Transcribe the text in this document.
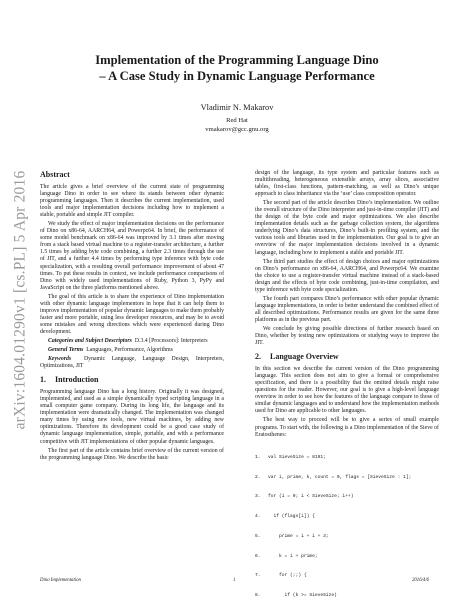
arXiv:1604.01290v1 [cs.PL] 5 Apr 2016
Implementation of the Programming Language Dino
– A Case Study in Dynamic Language Performance
Vladimir N. Makarov
Red Hat
vmakarov@gcc.gnu.org
Abstract

The article gives a brief overview of the current state of programming language Dino in order to see where its stands between other dynamic programming languages. Then it describes the current implementation, used tools and major implementation decisions including how to implement a stable, portable and simple JIT compiler.

We study the effect of major implementation decisions on the performance of Dino on x86-64, AARCH64, and Powerpc64. In brief, the performance of some model benchmark on x86-64 was improved by 3.1 times after moving from a stack based virtual machine to a register-transfer architecture, a further 1.5 times by adding byte code combining, a further 2.3 times through the use of JIT, and a further 4.4 times by performing type inference with byte code specialization, with a resulting overall performance improvement of about 47 times. To put these results in context, we include performance comparisons of Dino with widely used implementations of Ruby, Python 3, PyPy and JavaScript on the three platforms mentioned above.

The goal of this article is to share the experience of Dino implementation with other dynamic language implementors in hope that it can help them to improve implementation of popular dynamic languages to make them probably faster and more portable, using less developer resources, and may be to avoid some mistakes and wrong directions which were experienced during Dino development.

Categories and Subject Descriptors D.3.4 [Processors]: Interpreters

General Terms Languages, Performance, Algorithms

Keywords Dynamic Language, Language Design, Interpreters, Optimizations, JIT

1. Introduction

Programming language Dino has a long history. Originally it was designed, implemented, and used as a simple dynamically typed scripting language in a small computer game company. During its long life, the language and its implementation were dramatically changed. The implementation was changed many times by using new tools, new virtual machines, by adding new optimizations. Therefore its development could be a good case study of dynamic language implementation, simple, portable, and with a performance competitive with JIT implementations of other popular dynamic languages.

The first part of the article contains brief overview of the current version of the programming language Dino. We describe the basic

design of the language, its type system and particular features such as multithreading, heterogeneous extensible arrays, array slices, associative tables, first-class functions, pattern-matching, as well as Dino’s unique approach to class inheritance via the ‘use’ class composition operator.

The second part of the article describes Dino’s implementation. We outline the overall structure of the Dino interpreter and just-in-time compiler (JIT) and the design of the byte code and major optimizations. We also describe implementation details such as the garbage collection system, the algorithms underlying Dino’s data structures, Dino’s built-in profiling system, and the various tools and libraries used in the implementation. Our goal is to give an overview of the major implementation decisions involved in a dynamic language, including how to implement a stable and portable JIT.

The third part studies the effect of design choices and major optimizations on Dino’s performance on x86-64, AARCH64, and Powerpc64. We examine the choice to use a register-transfer virtual machine instead of a stack-based design and the effects of byte code combining, just-in-time compilation, and type inference with byte code specialization.

The fourth part compares Dino’s performance with other popular dynamic language implementations, in order to better understand the combined effect of all described optimizations. Performance results are given for the same three platforms as in the previous part.

We conclude by giving possible directions of further research based on Dino, whether by testing new optimizations or studying ways to improve the JIT.

2. Language Overview

In this section we describe the current version of the Dino programming language. This section does not aim to give a formal or comprehensive specification, and there is a possibility that the omitted details might raise questions for the reader. However, our goal is to give a high-level language overview in order to see how the features of the language compare to those of similar dynamic languages and to understand how the implementation methods used for Dino are applicable to other languages.

The best way to proceed will be to give a series of small example programs. To start with, the following is a Dino implementation of the Sieve of Eratosthenes:

1. val SieveSize = 8191;

2. var i, prime, k, count = 0, flags = [SieveSize : 1];

3. for (i = 0; i < SieveSize; i++)

4.  if (flags[i]) {

5.    prime = i + i + 3;

6.    k = i + prime;

7.    for (;;) {

8.      if (k >= SieveSize)

Dino Implementation	1	2016/4/6
